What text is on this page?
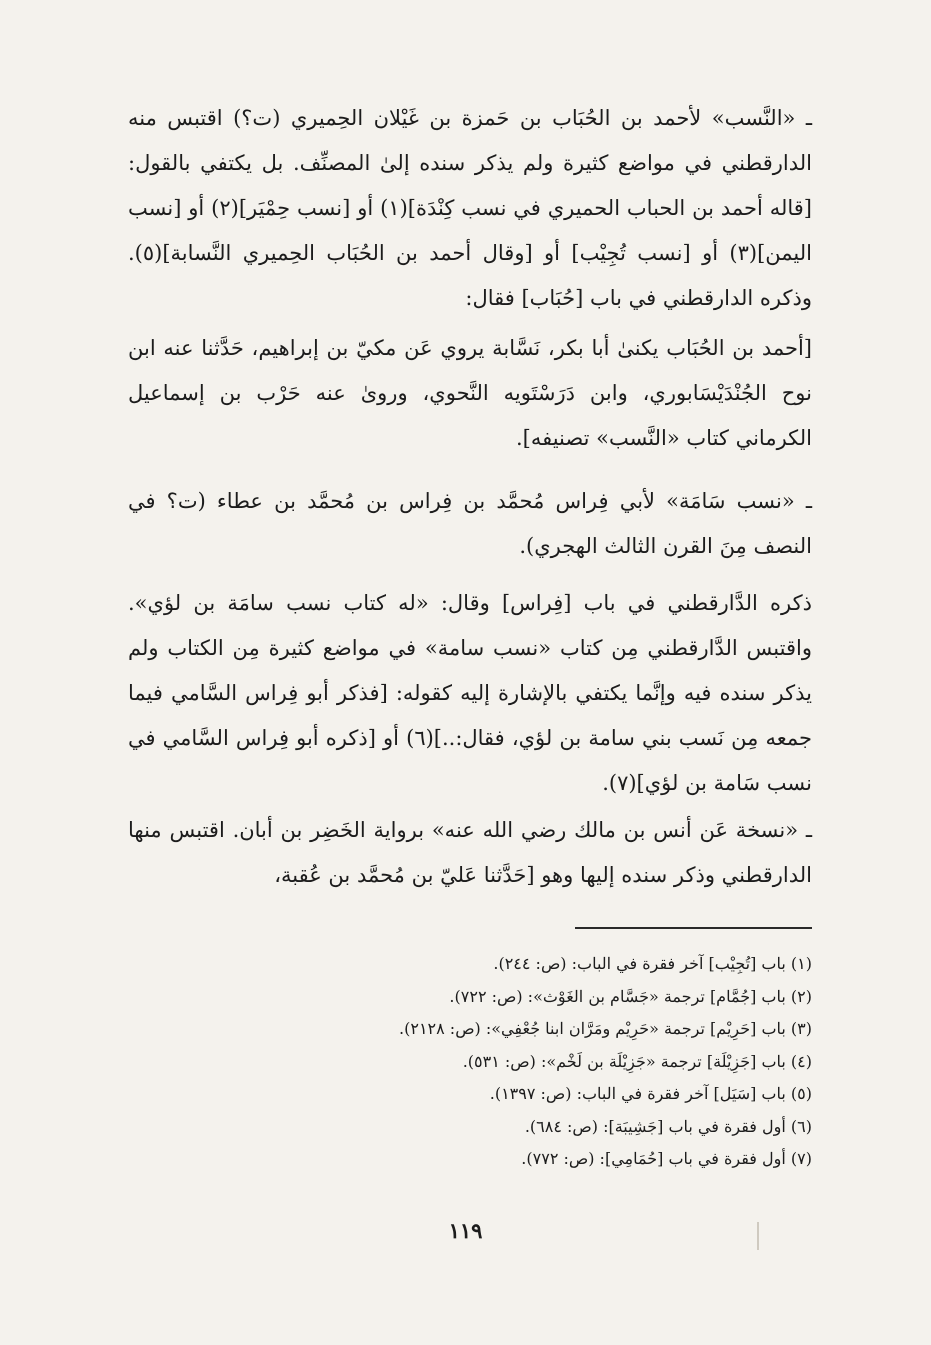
ـ «النَّسب» لأحمد بن الحُبَاب بن حَمزة بن غَيْلان الحِميري (ت؟) اقتبس منه الدارقطني في مواضع كثيرة ولم يذكر سنده إلىٰ المصنِّف. بل يكتفي بالقول: [قاله أحمد بن الحباب الحميري في نسب كِنْدَة](١) أو [نسب حِمْيَر](٢) أو [نسب اليمن](٣) أو [نسب تُجِيْب] أو [وقال أحمد بن الحُبَاب الحِميري النَّسابة](٥). وذكره الدارقطني في باب [حُبَاب] فقال:

[أحمد بن الحُبَاب يكنىٰ أبا بكر، نَسَّابة يروي عَن مكيّ بن إبراهيم، حَدَّثنا عنه ابن نوح الجُنْدَيْسَابوري، وابن دَرَسْتَويه النَّحوي، وروىٰ عنه حَرْب بن إسماعيل الكرماني كتاب «النَّسب» تصنيفه].

ـ «نسب سَامَة» لأبي فِراس مُحمَّد بن فِراس بن مُحمَّد بن عطاء (ت؟ في النصف مِنَ القرن الثالث الهجري).

ذكره الدَّارقطني في باب [فِراس] وقال: «له كتاب نسب سامَة بن لؤي». واقتبس الدَّارقطني مِن كتاب «نسب سامة» في مواضع كثيرة مِن الكتاب ولم يذكر سنده فيه وإنَّما يكتفي بالإشارة إليه كقوله: [فذكر أبو فِراس السَّامي فيما جمعه مِن نَسب بني سامة بن لؤي، فقال:..](٦) أو [ذكره أبو فِراس السَّامي في نسب سَامة بن لؤي](٧).

ـ «نسخة عَن أنس بن مالك رضي الله عنه» برواية الخَضِر بن أبان. اقتبس منها الدارقطني وذكر سنده إليها وهو [حَدَّثنا عَليّ بن مُحمَّد بن عُقبة،

(١) باب [تُجِيْب] آخر فقرة في الباب: (ص: ٢٤٤).
(٢) باب [جُمَّام] ترجمة «جَسَّام بن الغَوْث»: (ص: ٧٢٢).
(٣) باب [حَرِيْم] ترجمة «حَرِيْم ومَرَّان ابنا جُعْفِي»: (ص: ٢١٢٨).
(٤) باب [جَزِيْلَة] ترجمة «جَزِيْلَة بن لَخْم»: (ص: ٥٣١).
(٥) باب [سَيَل] آخر فقرة في الباب: (ص: ١٣٩٧).
(٦) أول فقرة في باب [جَشِيبَة]: (ص: ٦٨٤).
(٧) أول فقرة في باب [حُمَامِي]: (ص: ٧٧٢).
١١٩
